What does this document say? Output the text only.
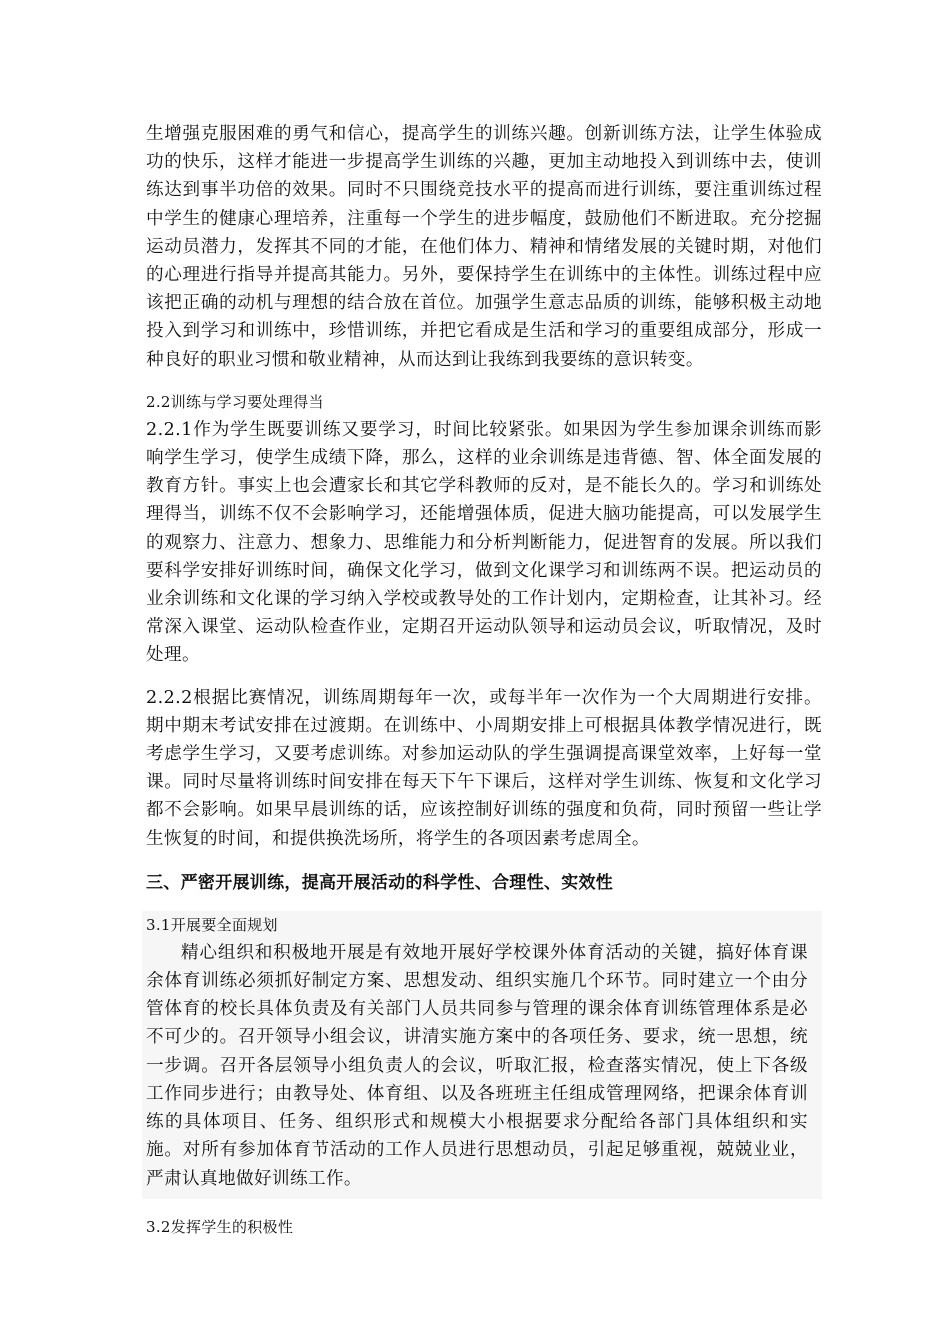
生增强克服困难的勇气和信心，提高学生的训练兴趣。创新训练方法，让学生体验成功的快乐，这样才能进一步提高学生训练的兴趣，更加主动地投入到训练中去，使训练达到事半功倍的效果。同时不只围绕竞技水平的提高而进行训练，要注重训练过程中学生的健康心理培养，注重每一个学生的进步幅度，鼓励他们不断进取。充分挖掘运动员潜力，发挥其不同的才能，在他们体力、精神和情绪发展的关键时期，对他们的心理进行指导并提高其能力。另外，要保持学生在训练中的主体性。训练过程中应该把正确的动机与理想的结合放在首位。加强学生意志品质的训练，能够积极主动地投入到学习和训练中，珍惜训练，并把它看成是生活和学习的重要组成部分，形成一种良好的职业习惯和敬业精神，从而达到让我练到我要练的意识转变。

2.2训练与学习要处理得当

2.2.1作为学生既要训练又要学习，时间比较紧张。如果因为学生参加课余训练而影响学生学习，使学生成绩下降，那么，这样的业余训练是违背德、智、体全面发展的教育方针。事实上也会遭家长和其它学科教师的反对，是不能长久的。学习和训练处理得当，训练不仅不会影响学习，还能增强体质，促进大脑功能提高，可以发展学生的观察力、注意力、想象力、思维能力和分析判断能力，促进智育的发展。所以我们要科学安排好训练时间，确保文化学习，做到文化课学习和训练两不误。把运动员的业余训练和文化课的学习纳入学校或教导处的工作计划内，定期检查，让其补习。经常深入课堂、运动队检查作业，定期召开运动队领导和运动员会议，听取情况，及时处理。

2.2.2根据比赛情况，训练周期每年一次，或每半年一次作为一个大周期进行安排。期中期末考试安排在过渡期。在训练中、小周期安排上可根据具体教学情况进行，既考虑学生学习，又要考虑训练。对参加运动队的学生强调提高课堂效率，上好每一堂课。同时尽量将训练时间安排在每天下午下课后，这样对学生训练、恢复和文化学习都不会影响。如果早晨训练的话，应该控制好训练的强度和负荷，同时预留一些让学生恢复的时间，和提供换洗场所，将学生的各项因素考虑周全。

三、严密开展训练，提高开展活动的科学性、合理性、实效性

3.1开展要全面规划

精心组织和积极地开展是有效地开展好学校课外体育活动的关键，搞好体育课余体育训练必须抓好制定方案、思想发动、组织实施几个环节。同时建立一个由分管体育的校长具体负责及有关部门人员共同参与管理的课余体育训练管理体系是必不可少的。召开领导小组会议，讲清实施方案中的各项任务、要求，统一思想，统一步调。召开各层领导小组负责人的会议，听取汇报，检查落实情况，使上下各级工作同步进行；由教导处、体育组、以及各班班主任组成管理网络，把课余体育训练的具体项目、任务、组织形式和规模大小根据要求分配给各部门具体组织和实施。对所有参加体育节活动的工作人员进行思想动员，引起足够重视，兢兢业业，严肃认真地做好训练工作。

3.2发挥学生的积极性
